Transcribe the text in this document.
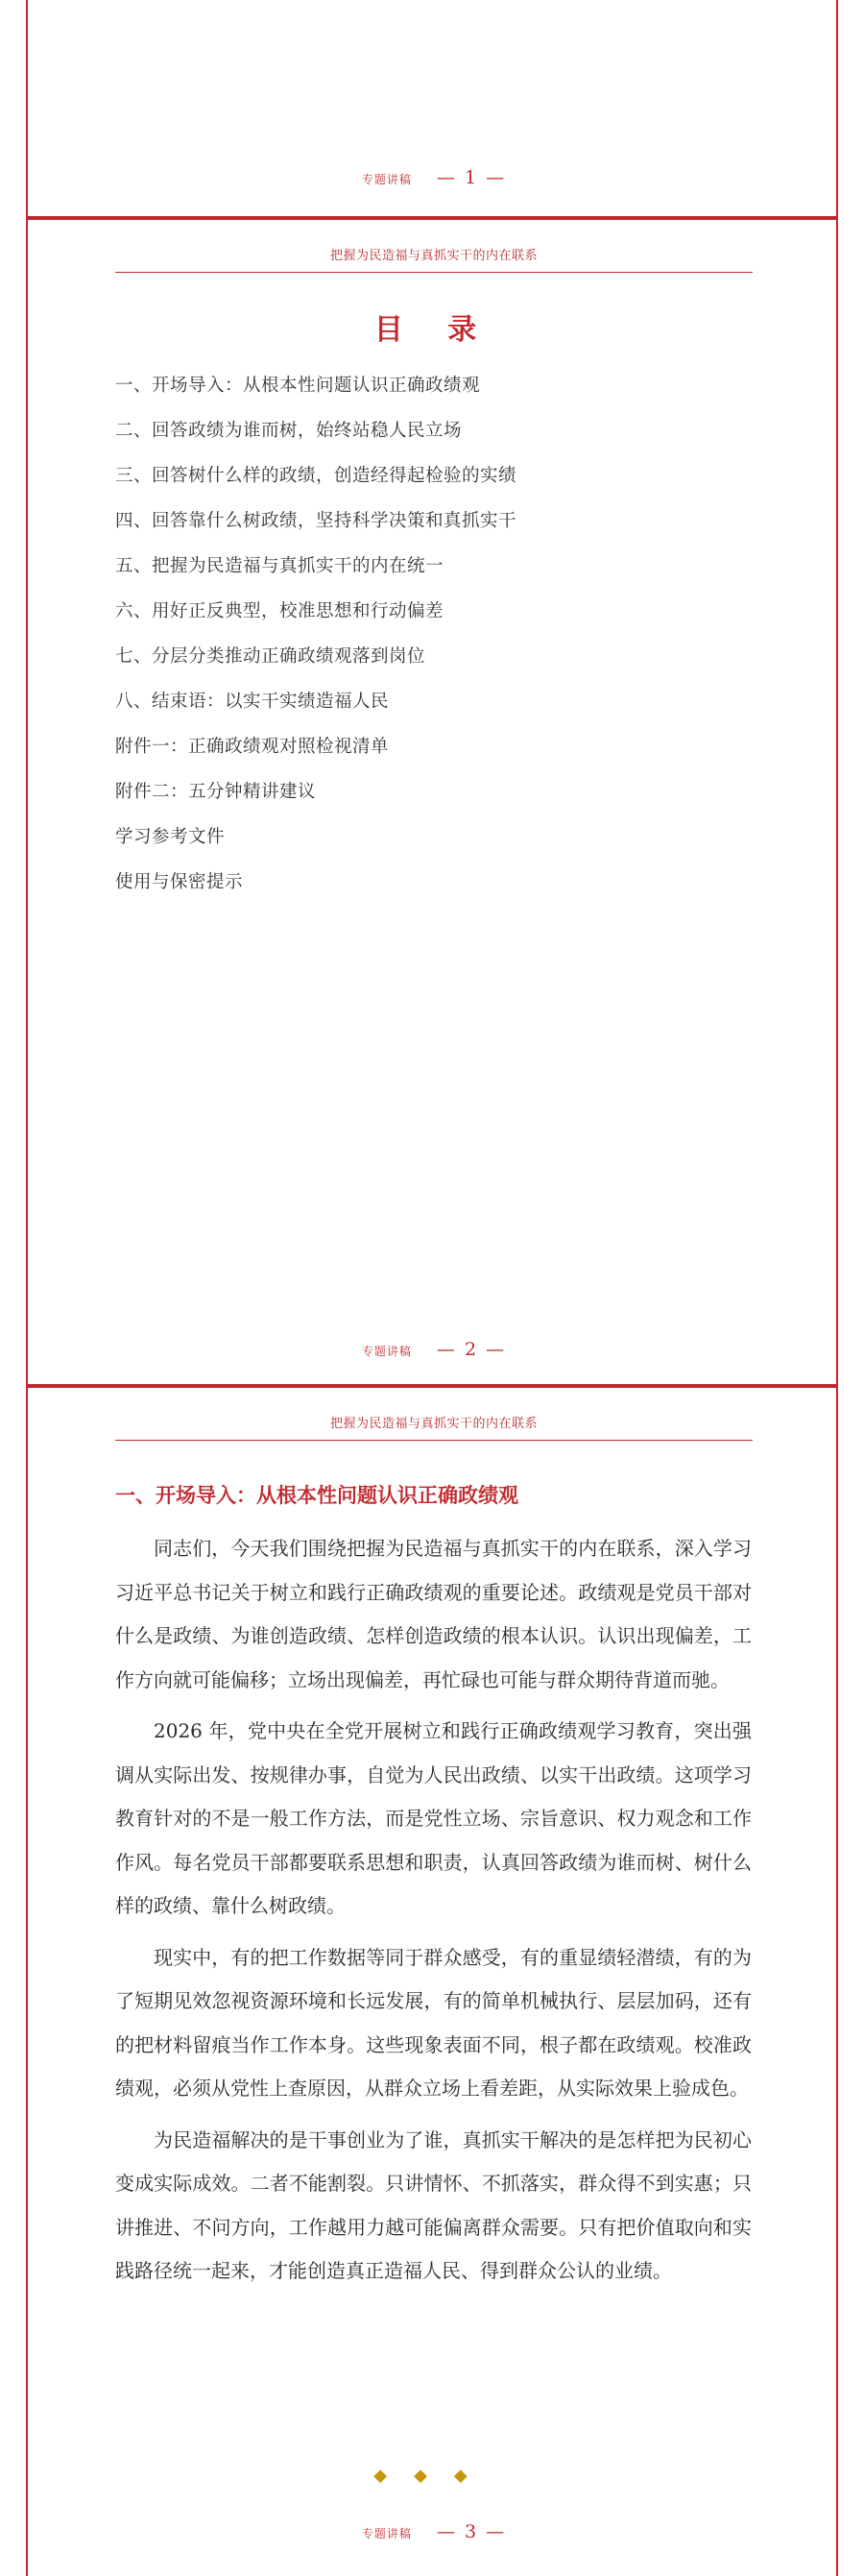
专题讲稿 — 1 —
把握为民造福与真抓实干的内在联系
目 录
一、开场导入：从根本性问题认识正确政绩观
二、回答政绩为谁而树，始终站稳人民立场
三、回答树什么样的政绩，创造经得起检验的实绩
四、回答靠什么树政绩，坚持科学决策和真抓实干
五、把握为民造福与真抓实干的内在统一
六、用好正反典型，校准思想和行动偏差
七、分层分类推动正确政绩观落到岗位
八、结束语：以实干实绩造福人民
附件一：正确政绩观对照检视清单
附件二：五分钟精讲建议
学习参考文件
使用与保密提示
专题讲稿 — 2 —
把握为民造福与真抓实干的内在联系
一、开场导入：从根本性问题认识正确政绩观

同志们，今天我们围绕把握为民造福与真抓实干的内在联系，深入学习习近平总书记关于树立和践行正确政绩观的重要论述。政绩观是党员干部对什么是政绩、为谁创造政绩、怎样创造政绩的根本认识。认识出现偏差，工作方向就可能偏移；立场出现偏差，再忙碌也可能与群众期待背道而驰。

2026 年，党中央在全党开展树立和践行正确政绩观学习教育，突出强调从实际出发、按规律办事，自觉为人民出政绩、以实干出政绩。这项学习教育针对的不是一般工作方法，而是党性立场、宗旨意识、权力观念和工作作风。每名党员干部都要联系思想和职责，认真回答政绩为谁而树、树什么样的政绩、靠什么树政绩。

现实中，有的把工作数据等同于群众感受，有的重显绩轻潜绩，有的为了短期见效忽视资源环境和长远发展，有的简单机械执行、层层加码，还有的把材料留痕当作工作本身。这些现象表面不同，根子都在政绩观。校准政绩观，必须从党性上查原因，从群众立场上看差距，从实际效果上验成色。

为民造福解决的是干事创业为了谁，真抓实干解决的是怎样把为民初心变成实际成效。二者不能割裂。只讲情怀、不抓落实，群众得不到实惠；只讲推进、不问方向，工作越用力越可能偏离群众需要。只有把价值取向和实践路径统一起来，才能创造真正造福人民、得到群众公认的业绩。

◆◆◆
专题讲稿 — 3 —
